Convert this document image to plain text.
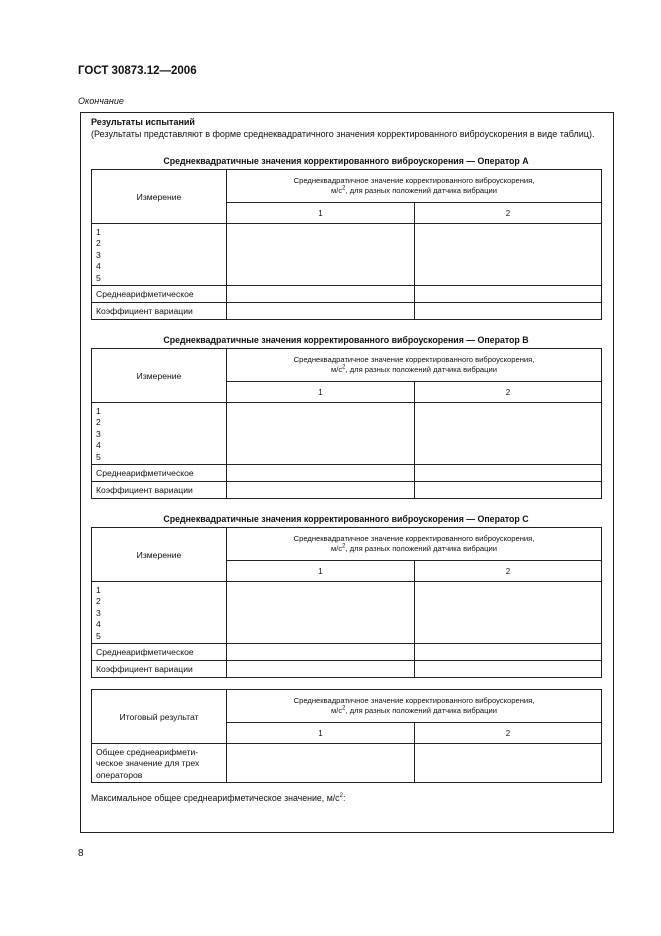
ГОСТ 30873.12—2006
Окончание
Результаты испытаний
(Результаты представляют в форме среднеквадратичного значения корректированного виброускорения в виде таблиц).
Среднеквадратичные значения корректированного виброускорения — Оператор A
Измерение	Среднеквадратичное значение корректированного виброускорения,
$м/с^2$, для разных положений датчика вибрации	
	1	2

1
2
3
4
5		

Среднеарифметическое		
Коэффициент вариации		
Среднеквадратичные значения корректированного виброускорения — Оператор B
Измерение	Среднеквадратичное значение корректированного виброускорения,
$м/с^2$, для разных положений датчика вибрации	
	1	2

1
2
3
4
5		

Среднеарифметическое		
Коэффициент вариации		
Среднеквадратичные значения корректированного виброускорения — Оператор C
Измерение	Среднеквадратичное значение корректированного виброускорения,
$м/с^2$, для разных положений датчика вибрации	
	1	2

1
2
3
4
5		

Среднеарифметическое		
Коэффициент вариации		
Итоговый результат	Среднеквадратичное значение корректированного виброускорения,
$м/с^2$, для разных положений датчика вибрации	
	1	2
Общее среднеарифмети-
ческое значение для трех
операторов		
Максимальное общее среднеарифметическое значение, $м/с^2$:
8
